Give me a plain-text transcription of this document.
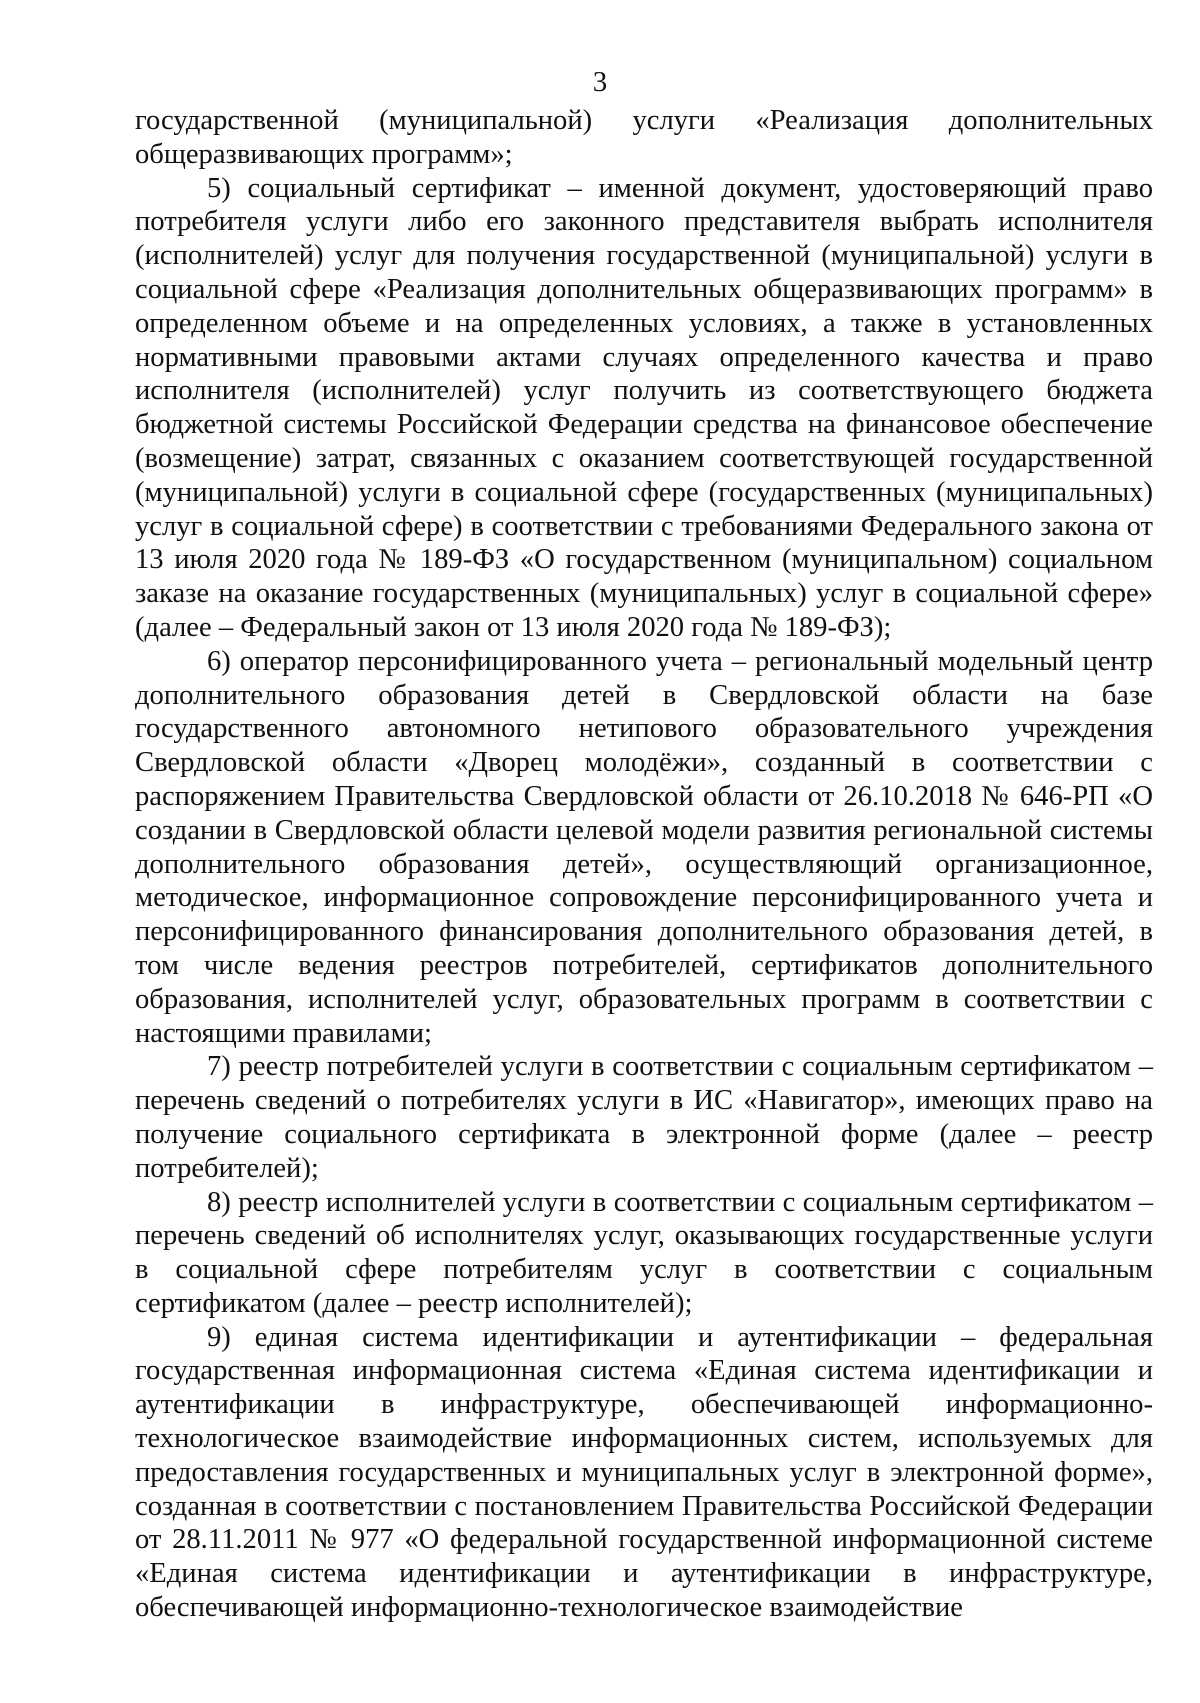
3

государственной (муниципальной) услуги «Реализация дополнительных общеразвивающих программ»;

5) социальный сертификат – именной документ, удостоверяющий право потребителя услуги либо его законного представителя выбрать исполнителя (исполнителей) услуг для получения государственной (муниципальной) услуги в социальной сфере «Реализация дополнительных общеразвивающих программ» в определенном объеме и на определенных условиях, а также в установленных нормативными правовыми актами случаях определенного качества и право исполнителя (исполнителей) услуг получить из соответствующего бюджета бюджетной системы Российской Федерации средства на финансовое обеспечение (возмещение) затрат, связанных с оказанием соответствующей государственной (муниципальной) услуги в социальной сфере (государственных (муниципальных) услуг в социальной сфере) в соответствии с требованиями Федерального закона от 13 июля 2020 года № 189-ФЗ «О государственном (муниципальном) социальном заказе на оказание государственных (муниципальных) услуг в социальной сфере» (далее – Федеральный закон от 13 июля 2020 года № 189-ФЗ);

6) оператор персонифицированного учета – региональный модельный центр дополнительного образования детей в Свердловской области на базе государственного автономного нетипового образовательного учреждения Свердловской области «Дворец молодёжи», созданный в соответствии с распоряжением Правительства Свердловской области от 26.10.2018 № 646-РП «О создании в Свердловской области целевой модели развития региональной системы дополнительного образования детей», осуществляющий организационное, методическое, информационное сопровождение персонифицированного учета и персонифицированного финансирования дополнительного образования детей, в том числе ведения реестров потребителей, сертификатов дополнительного образования, исполнителей услуг, образовательных программ в соответствии с настоящими правилами;

7) реестр потребителей услуги в соответствии с социальным сертификатом – перечень сведений о потребителях услуги в ИС «Навигатор», имеющих право на получение социального сертификата в электронной форме (далее – реестр потребителей);

8) реестр исполнителей услуги в соответствии с социальным сертификатом – перечень сведений об исполнителях услуг, оказывающих государственные услуги в социальной сфере потребителям услуг в соответствии с социальным сертификатом (далее – реестр исполнителей);

9) единая система идентификации и аутентификации – федеральная государственная информационная система «Единая система идентификации и аутентификации в инфраструктуре, обеспечивающей информационно-технологическое взаимодействие информационных систем, используемых для предоставления государственных и муниципальных услуг в электронной форме», созданная в соответствии с постановлением Правительства Российской Федерации от 28.11.2011 № 977 «О федеральной государственной информационной системе «Единая система идентификации и аутентификации в инфраструктуре, обеспечивающей информационно-технологическое взаимодействие
